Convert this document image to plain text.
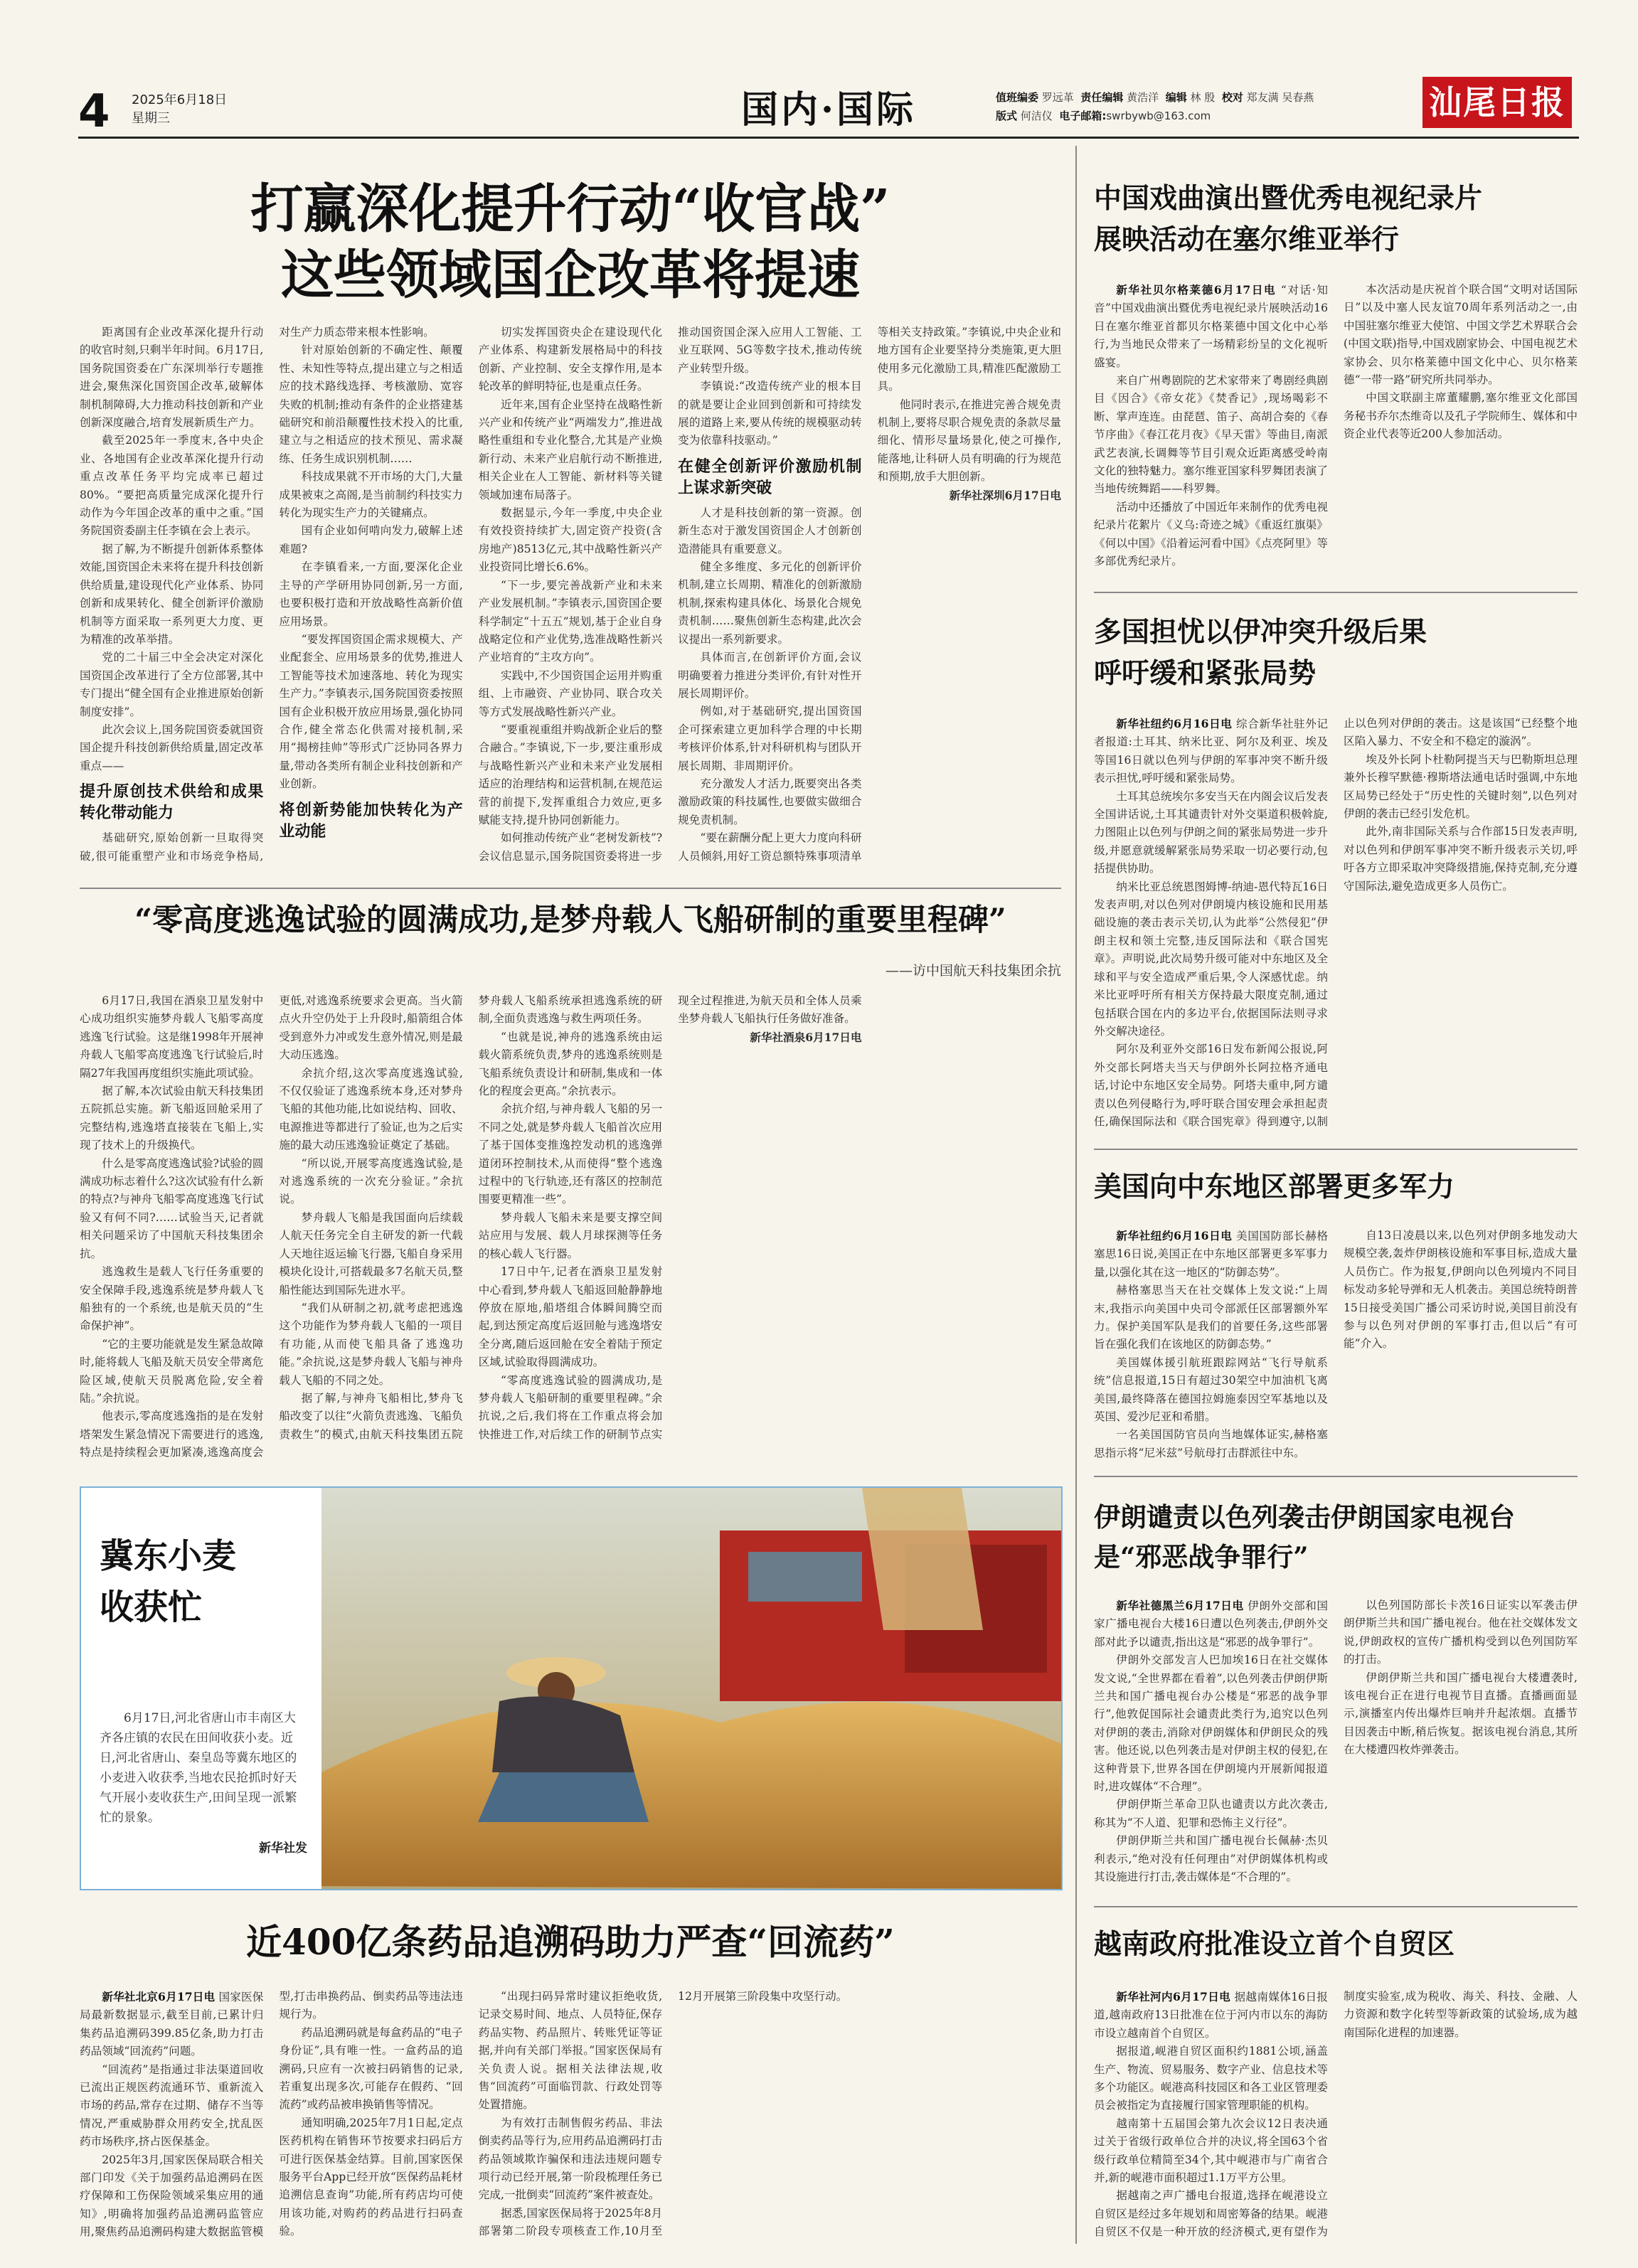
4	2025年6月18日
星期三	国内·国际	值班编委 罗远革 责任编辑 黄浩洋 编辑 林 殷 校对 郑友满 吴春燕
版式 何洁仪 电子邮箱:swrbywb@163.com	汕尾日报
打赢深化提升行动“收官战”
这些领域国企改革将提速

距离国有企业改革深化提升行动的收官时刻,只剩半年时间。6月17日,国务院国资委在广东深圳举行专题推进会,聚焦深化国资国企改革,破解体制机制障碍,大力推动科技创新和产业创新深度融合,培育发展新质生产力。

截至2025年一季度末,各中央企业、各地国有企业改革深化提升行动重点改革任务平均完成率已超过80%。“要把高质量完成深化提升行动作为今年国企改革的重中之重。”国务院国资委副主任李镇在会上表示。

据了解,为不断提升创新体系整体效能,国资国企未来将在提升科技创新供给质量,建设现代化产业体系、协同创新和成果转化、健全创新评价激励机制等方面采取一系列更大力度、更为精准的改革举措。

党的二十届三中全会决定对深化国资国企改革进行了全方位部署,其中专门提出“健全国有企业推进原始创新制度安排”。

此次会议上,国务院国资委就国资国企提升科技创新供给质量,固定改革重点——

提升原创技术供给和成果转化带动能力

基础研究,原始创新一旦取得突破,很可能重塑产业和市场竞争格局,对生产力质态带来根本性影响。

针对原始创新的不确定性、颠覆性、未知性等特点,提出建立与之相适应的技术路线选择、考核激励、宽容失败的机制;推动有条件的企业搭建基础研究和前沿颠覆性技术投入的比重,建立与之相适应的技术预见、需求凝练、任务生成识别机制……

科技成果就不开市场的大门,大量成果被束之高阁,是当前制约科技实力转化为现实生产力的关键痛点。

国有企业如何啃向发力,破解上述难题?

在李镇看来,一方面,要深化企业主导的产学研用协同创新,另一方面,也要积极打造和开放战略性高新价值应用场景。

“要发挥国资国企需求规模大、产业配套全、应用场景多的优势,推进人工智能等技术加速落地、转化为现实生产力。”李镇表示,国务院国资委按照国有企业积极开放应用场景,强化协同合作,健全常态化供需对接机制,采用“揭榜挂帅”等形式广泛协同各界力量,带动各类所有制企业科技创新和产业创新。

将创新势能加快转化为产业动能

切实发挥国资央企在建设现代化产业体系、构建新发展格局中的科技创新、产业控制、安全支撑作用,是本轮改革的鲜明特征,也是重点任务。

近年来,国有企业坚持在战略性新兴产业和传统产业“两端发力”,推进战略性重组和专业化整合,尤其是产业焕新行动、未来产业启航行动不断推进,相关企业在人工智能、新材料等关键领域加速布局落子。

数据显示,今年一季度,中央企业有效投资持续扩大,固定资产投资(含房地产)8513亿元,其中战略性新兴产业投资同比增长6.6%。

“下一步,要完善战新产业和未来产业发展机制。”李镇表示,国资国企要科学制定“十五五”规划,基于企业自身战略定位和产业优势,选准战略性新兴产业培育的“主攻方向”。

实践中,不少国资国企运用并购重组、上市融资、产业协同、联合攻关等方式发展战略性新兴产业。

“要重视重组并购战新企业后的整合融合。”李镇说,下一步,要注重形成与战略性新兴产业和未来产业发展相适应的治理结构和运营机制,在规范运营的前提下,发挥重组合力效应,更多赋能支持,提升协同创新能力。

如何推动传统产业“老树发新枝”?会议信息显示,国务院国资委将进一步推动国资国企深入应用人工智能、工业互联网、5G等数字技术,推动传统产业转型升级。

李镇说:“改造传统产业的根本目的就是要让企业回到创新和可持续发展的道路上来,要从传统的规模驱动转变为依靠科技驱动。”

在健全创新评价激励机制上谋求新突破

人才是科技创新的第一资源。创新生态对于激发国资国企人才创新创造潜能具有重要意义。

健全多维度、多元化的创新评价机制,建立长周期、精准化的创新激励机制,探索构建具体化、场景化合规免责机制……聚焦创新生态构建,此次会议提出一系列新要求。

具体而言,在创新评价方面,会议明确要着力推进分类评价,有针对性开展长周期评价。

例如,对于基础研究,提出国资国企可探索建立更加科学合理的中长期考核评价体系,针对科研机构与团队开展长周期、非周期评价。

充分激发人才活力,既要突出各类激励政策的科技属性,也要做实做细合规免责机制。

“要在薪酬分配上更大力度向科研人员倾斜,用好工资总额特殊事项清单等相关支持政策。”李镇说,中央企业和地方国有企业要坚持分类施策,更大胆使用多元化激励工具,精准匹配激励工具。

他同时表示,在推进完善合规免责机制上,要将尽职合规免责的条款尽量细化、情形尽量场景化,使之可操作,能落地,让科研人员有明确的行为规范和预期,放手大胆创新。

新华社深圳6月17日电

“零高度逃逸试验的圆满成功,是梦舟载人飞船研制的重要里程碑”
——访中国航天科技集团余抗

6月17日,我国在酒泉卫星发射中心成功组织实施梦舟载人飞船零高度逃逸飞行试验。这是继1998年开展神舟载人飞船零高度逃逸飞行试验后,时隔27年我国再度组织实施此项试验。

据了解,本次试验由航天科技集团五院抓总实施。新飞船返回舱采用了完整结构,逃逸塔直接装在飞船上,实现了技术上的升级换代。

什么是零高度逃逸试验?试验的圆满成功标志着什么?这次试验有什么新的特点?与神舟飞船零高度逃逸飞行试验又有何不同?……试验当天,记者就相关问题采访了中国航天科技集团余抗。

逃逸救生是载人飞行任务重要的安全保障手段,逃逸系统是梦舟载人飞船独有的一个系统,也是航天员的“生命保护神”。

“它的主要功能就是发生紧急故障时,能将载人飞船及航天员安全带离危险区域,使航天员脱离危险,安全着陆。”余抗说。

他表示,零高度逃逸指的是在发射塔架发生紧急情况下需要进行的逃逸,特点是持续程会更加紧凑,逃逸高度会更低,对逃逸系统要求会更高。当火箭点火升空仍处于上升段时,船箭组合体受到意外力冲或发生意外情况,则是最大动压逃逸。

余抗介绍,这次零高度逃逸试验,不仅仅验证了逃逸系统本身,还对梦舟飞船的其他功能,比如说结构、回收、电源推进等都进行了验证,也为之后实施的最大动压逃逸验证奠定了基础。

“所以说,开展零高度逃逸试验,是对逃逸系统的一次充分验证。”余抗说。

梦舟载人飞船是我国面向后续载人航天任务完全自主研发的新一代载人天地往返运输飞行器,飞船自身采用模块化设计,可搭载最多7名航天员,整船性能达到国际先进水平。

“我们从研制之初,就考虑把逃逸这个功能作为梦舟载人飞船的一项目有功能,从而使飞船具备了逃逸功能。”余抗说,这是梦舟载人飞船与神舟载人飞船的不同之处。

据了解,与神舟飞船相比,梦舟飞船改变了以往“火箭负责逃逸、飞船负责救生”的模式,由航天科技集团五院梦舟载人飞船系统承担逃逸系统的研制,全面负责逃逸与救生两项任务。

“也就是说,神舟的逃逸系统由运载火箭系统负责,梦舟的逃逸系统则是飞船系统负责设计和研制,集成和一体化的程度会更高。”余抗表示。

余抗介绍,与神舟载人飞船的另一不同之处,就是梦舟载人飞船首次应用了基于国体变推逸控发动机的逃逸弹道闭环控制技术,从而使得“整个逃逸过程中的飞行轨迹,还有落区的控制范围要更精准一些”。

梦舟载人飞船未来是要支撑空间站应用与发展、载人月球探测等任务的核心载人飞行器。

17日中午,记者在酒泉卫星发射中心看到,梦舟载人飞船返回舱静静地停放在原地,船塔组合体瞬间腾空而起,到达预定高度后返回舱与逃逸塔安全分离,随后返回舱在安全着陆于预定区域,试验取得圆满成功。

“零高度逃逸试验的圆满成功,是梦舟载人飞船研制的重要里程碑。”余抗说,之后,我们将在工作重点将会加快推进工作,对后续工作的研制节点实现全过程推进,为航天员和全体人员乘坐梦舟载人飞船执行任务做好准备。

新华社酒泉6月17日电

冀东小麦
收获忙
6月17日,河北省唐山市丰南区大齐各庄镇的农民在田间收获小麦。近日,河北省唐山、秦皇岛等冀东地区的小麦进入收获季,当地农民抢抓时好天气开展小麦收获生产,田间呈现一派繁忙的景象。
新华社发
近400亿条药品追溯码助力严查“回流药”

新华社北京6月17日电 国家医保局最新数据显示,截至目前,已累计归集药品追溯码399.85亿条,助力打击药品领域“回流药”问题。

“回流药”是指通过非法渠道回收已流出正规医药流通环节、重新流入市场的药品,常存在过期、储存不当等情况,严重威胁群众用药安全,扰乱医药市场秩序,挤占医保基金。

2025年3月,国家医保局联合相关部门印发《关于加强药品追溯码在医疗保障和工伤保险领域采集应用的通知》,明确将加强药品追溯码监管应用,聚焦药品追溯码构建大数据监管模型,打击串换药品、倒卖药品等违法违规行为。

药品追溯码就是每盒药品的“电子身份证”,具有唯一性。一盒药品的追溯码,只应有一次被扫码销售的记录,若重复出现多次,可能存在假药、“回流药”或药品被串换销售等情况。

通知明确,2025年7月1日起,定点医药机构在销售环节按要求扫码后方可进行医保基金结算。目前,国家医保服务平台App已经开放“医保药品耗材追溯信息查询”功能,所有药店均可使用该功能,对购药的药品进行扫码查验。

“出现扫码异常时建议拒绝收货,记录交易时间、地点、人员特征,保存药品实物、药品照片、转账凭证等证据,并向有关部门举报。”国家医保局有关负责人说。据相关法律法规,收售“回流药”可面临罚款、行政处罚等处置措施。

为有效打击制售假劣药品、非法倒卖药品等行为,应用药品追溯码打击药品领域欺诈骗保和违法违规问题专项行动已经开展,第一阶段梳理任务已完成,一批倒卖“回流药”案件被查处。

据悉,国家医保局将于2025年8月部署第二阶段专项核查工作,10月至12月开展第三阶段集中攻坚行动。

中国戏曲演出暨优秀电视纪录片
展映活动在塞尔维亚举行

新华社贝尔格莱德6月17日电 “对话·知音”中国戏曲演出暨优秀电视纪录片展映活动16日在塞尔维亚首都贝尔格莱德中国文化中心举行,为当地民众带来了一场精彩纷呈的文化视听盛宴。

来自广州粤剧院的艺术家带来了粤剧经典剧目《因合》《帝女花》《焚香记》,现场喝彩不断、掌声连连。由琵琶、笛子、高胡合奏的《春节序曲》《春江花月夜》《早天雷》等曲目,南派武艺表演,长调舞等节目引观众近距离感受岭南文化的独特魅力。塞尔维亚国家科罗舞团表演了当地传统舞蹈——科罗舞。

活动中还播放了中国近年来制作的优秀电视纪录片花絮片《义乌:奇迹之城》《重返红旗渠》《何以中国》《沿着运河看中国》《点亮阿里》等多部优秀纪录片。

本次活动是庆祝首个联合国“文明对话国际日”以及中塞人民友谊70周年系列活动之一,由中国驻塞尔维亚大使馆、中国文学艺术界联合会(中国文联)指导,中国戏剧家协会、中国电视艺术家协会、贝尔格莱德中国文化中心、贝尔格莱德“一带一路”研究所共同举办。

中国文联副主席董耀鹏,塞尔维亚文化部国务秘书乔尔杰维奇以及孔子学院师生、媒体和中资企业代表等近200人参加活动。

多国担忧以伊冲突升级后果
呼吁缓和紧张局势

新华社纽约6月16日电 综合新华社驻外记者报道:土耳其、纳米比亚、阿尔及利亚、埃及等国16日就以色列与伊朗的军事冲突不断升级表示担忧,呼吁缓和紧张局势。

土耳其总统埃尔多安当天在内阁会议后发表全国讲话说,土耳其谴责针对外交渠道积极斡旋,力图阻止以色列与伊朗之间的紧张局势进一步升级,并愿意就缓解紧张局势采取一切必要行动,包括提供协助。

纳米比亚总统恩图姆博-纳迪-恩代特瓦16日发表声明,对以色列对伊朗境内核设施和民用基础设施的袭击表示关切,认为此举“公然侵犯”伊朗主权和领土完整,违反国际法和《联合国宪章》。声明说,此次局势升级可能对中东地区及全球和平与安全造成严重后果,令人深感忧虑。纳米比亚呼吁所有相关方保持最大限度克制,通过包括联合国在内的多边平台,依据国际法则寻求外交解决途径。

阿尔及利亚外交部16日发布新闻公报说,阿外交部长阿塔夫当天与伊朗外长阿拉格齐通电话,讨论中东地区安全局势。阿塔夫重申,阿方谴责以色列侵略行为,呼吁联合国安理会承担起责任,确保国际法和《联合国宪章》得到遵守,以制止以色列对伊朗的袭击。这是该国“已经整个地区陷入暴力、不安全和不稳定的漩涡”。

埃及外长阿卜杜勒阿提当天与巴勒斯坦总理兼外长穆罕默德·穆斯塔法通电话时强调,中东地区局势已经处于“历史性的关键时刻”,以色列对伊朗的袭击已经引发危机。

此外,南非国际关系与合作部15日发表声明,对以色列和伊朗军事冲突不断升级表示关切,呼吁各方立即采取冲突降级措施,保持克制,充分遵守国际法,避免造成更多人员伤亡。

美国向中东地区部署更多军力

新华社纽约6月16日电 美国国防部长赫格塞思16日说,美国正在中东地区部署更多军事力量,以强化其在这一地区的“防御态势”。

赫格塞思当天在社交媒体上发文说:“上周末,我指示向美国中央司令部派任区部署额外军力。保护美国军队是我们的首要任务,这些部署旨在强化我们在该地区的防御态势。”

美国媒体援引航班跟踪网站“飞行导航系统”信息报道,15日有超过30架空中加油机飞离美国,最终降落在德国拉姆施泰因空军基地以及英国、爱沙尼亚和希腊。

一名美国国防官员向当地媒体证实,赫格塞思指示将“尼米兹”号航母打击群派往中东。

自13日凌晨以来,以色列对伊朗多地发动大规模空袭,轰炸伊朗核设施和军事目标,造成大量人员伤亡。作为报复,伊朗向以色列境内不同目标发动多轮导弹和无人机袭击。美国总统特朗普15日接受美国广播公司采访时说,美国目前没有参与以色列对伊朗的军事打击,但以后“有可能”介入。

伊朗谴责以色列袭击伊朗国家电视台
是“邪恶战争罪行”

新华社德黑兰6月17日电 伊朗外交部和国家广播电视台大楼16日遭以色列袭击,伊朗外交部对此予以谴责,指出这是“邪恶的战争罪行”。

伊朗外交部发言人巴加埃16日在社交媒体发文说,“全世界都在看着”,以色列袭击伊朗伊斯兰共和国广播电视台办公楼是“邪恶的战争罪行”,他敦促国际社会谴责此类行为,追究以色列对伊朗的袭击,消除对伊朗媒体和伊朗民众的残害。他还说,以色列袭击是对伊朗主权的侵犯,在这种背景下,世界各国在伊朗境内开展新闻报道时,进攻媒体“不合理”。

伊朗伊斯兰革命卫队也谴责以方此次袭击,称其为“不人道、犯罪和恐怖主义行径”。

伊朗伊斯兰共和国广播电视台长佩赫·杰贝利表示,“绝对没有任何理由”对伊朗媒体机构或其设施进行打击,袭击媒体是“不合理的”。

以色列国防部长卡茨16日证实以军袭击伊朗伊斯兰共和国广播电视台。他在社交媒体发文说,伊朗政权的宣传广播机构受到以色列国防军的打击。

伊朗伊斯兰共和国广播电视台大楼遭袭时,该电视台正在进行电视节目直播。直播画面显示,演播室内传出爆炸巨响并升起浓烟。直播节目因袭击中断,稍后恢复。据该电视台消息,其所在大楼遭四枚炸弹袭击。

越南政府批准设立首个自贸区

新华社河内6月17日电 据越南媒体16日报道,越南政府13日批准在位于河内市以东的海防市设立越南首个自贸区。

据报道,岘港自贸区面积约1881公顷,涵盖生产、物流、贸易服务、数字产业、信息技术等多个功能区。岘港高科技园区和各工业区管理委员会被指定为直接履行国家管理职能的机构。

越南第十五届国会第九次会议12日表决通过关于省级行政单位合并的决议,将全国63个省级行政单位精简至34个,其中岘港市与广南省合并,新的岘港市面积超过1.1万平方公里。

据越南之声广播电台报道,选择在岘港设立自贸区是经过多年规划和周密筹备的结果。岘港自贸区不仅是一种开放的经济模式,更有望作为制度实验室,成为税收、海关、科技、金融、人力资源和数字化转型等新政策的试验场,成为越南国际化进程的加速器。
